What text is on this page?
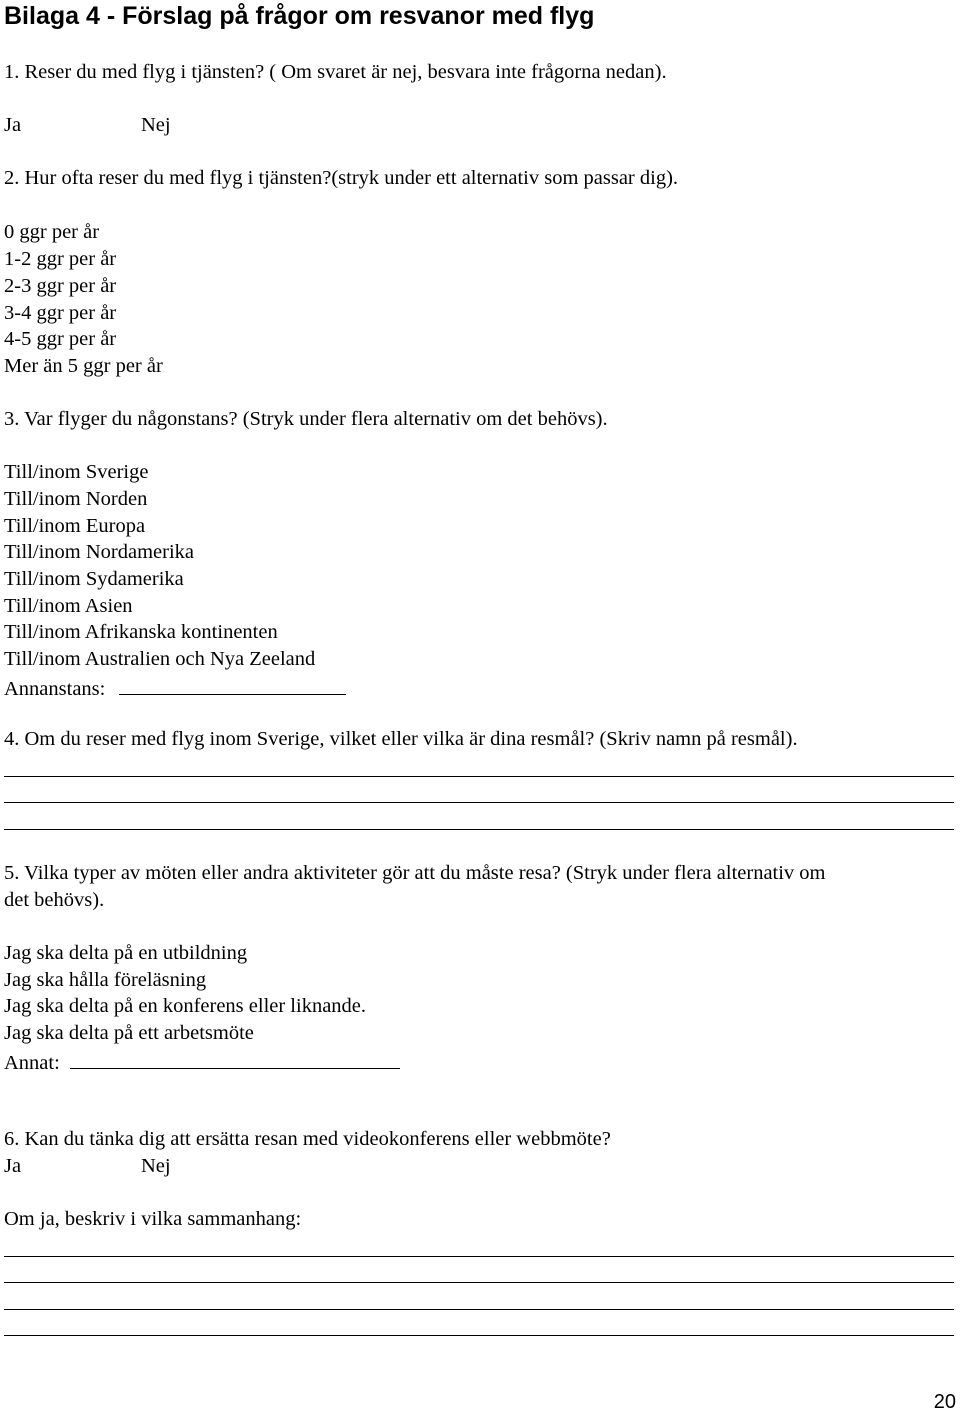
Bilaga 4 - Förslag på frågor om resvanor med flyg
1. Reser du med flyg i tjänsten? ( Om svaret är nej, besvara inte frågorna nedan).
Ja	Nej
2. Hur ofta reser du med flyg i tjänsten?(stryk under ett alternativ som passar dig).
0 ggr per år
1-2 ggr per år
2-3 ggr per år
3-4 ggr per år
4-5 ggr per år
Mer än 5 ggr per år
3. Var flyger du någonstans? (Stryk under flera alternativ om det behövs).
Till/inom Sverige
Till/inom Norden
Till/inom Europa
Till/inom Nordamerika
Till/inom Sydamerika
Till/inom Asien
Till/inom Afrikanska kontinenten
Till/inom Australien och Nya Zeeland
Annanstans:
4. Om du reser med flyg inom Sverige, vilket eller vilka är dina resmål? (Skriv namn på resmål).
5. Vilka typer av möten eller andra aktiviteter gör att du måste resa? (Stryk under flera alternativ om
det behövs).
Jag ska delta på en utbildning
Jag ska hålla föreläsning
Jag ska delta på en konferens eller liknande.
Jag ska delta på ett arbetsmöte
Annat:
6. Kan du tänka dig att ersätta resan med videokonferens eller webbmöte?
Ja	Nej
Om ja, beskriv i vilka sammanhang:
20
